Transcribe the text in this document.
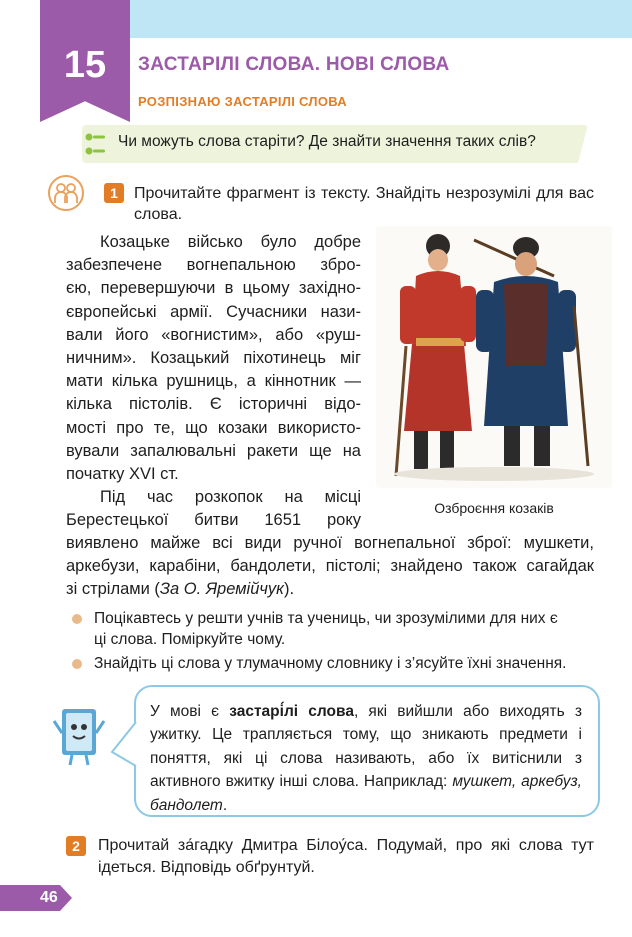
15	ЗАСТАРІЛІ СЛОВА. НОВІ СЛОВА
РОЗПІЗНАЮ ЗАСТАРІЛІ СЛОВА
Чи можуть слова старіти? Де знайти значення таких слів?
1	Прочитайте фрагмент із тексту. Знайдіть незрозумілі для вас слова.
Козацьке військо було добре
забезпечене вогнепальною збро-
єю, перевершуючи в цьому західно-
європейські армії. Сучасники нази-
вали його «вогнистим», або «руш-
ничним». Козацький піхотинець міг
мати кілька рушниць, а кіннотник —
кілька пістолів. Є історичні відо-
мості про те, що козаки використо-
вували запалювальні ракети ще на
початку XVI ст.
Під час розкопок на місці
Берестецької битви 1651 року
виявлено майже всі види ручної вогнепальної зброї: мушкети,
аркебузи, карабіни, бандолети, пістолі; знайдено також сагайдак
зі стрілами (За О. Яремійчук).
Озброєння козаків
Поцікавтесь у решти учнів та учениць, чи зрозумілими для них є
ці слова. Поміркуйте чому.
Знайдіть ці слова у тлумачному словнику і з’ясуйте їхні значення.
У мові є застарі́лі слова, які вийшли або виходять з ужитку. Це трапляється тому, що зникають предмети і поняття, які ці слова називають, або їх витіснили з активного вжитку інші слова. Наприклад: мушкет, аркебуз, бандолет.
2	Прочитай за́гадку Дмитра Білоу́са. Подумай, про які слова тут ідеться. Відповідь обґрунтуй.
46
